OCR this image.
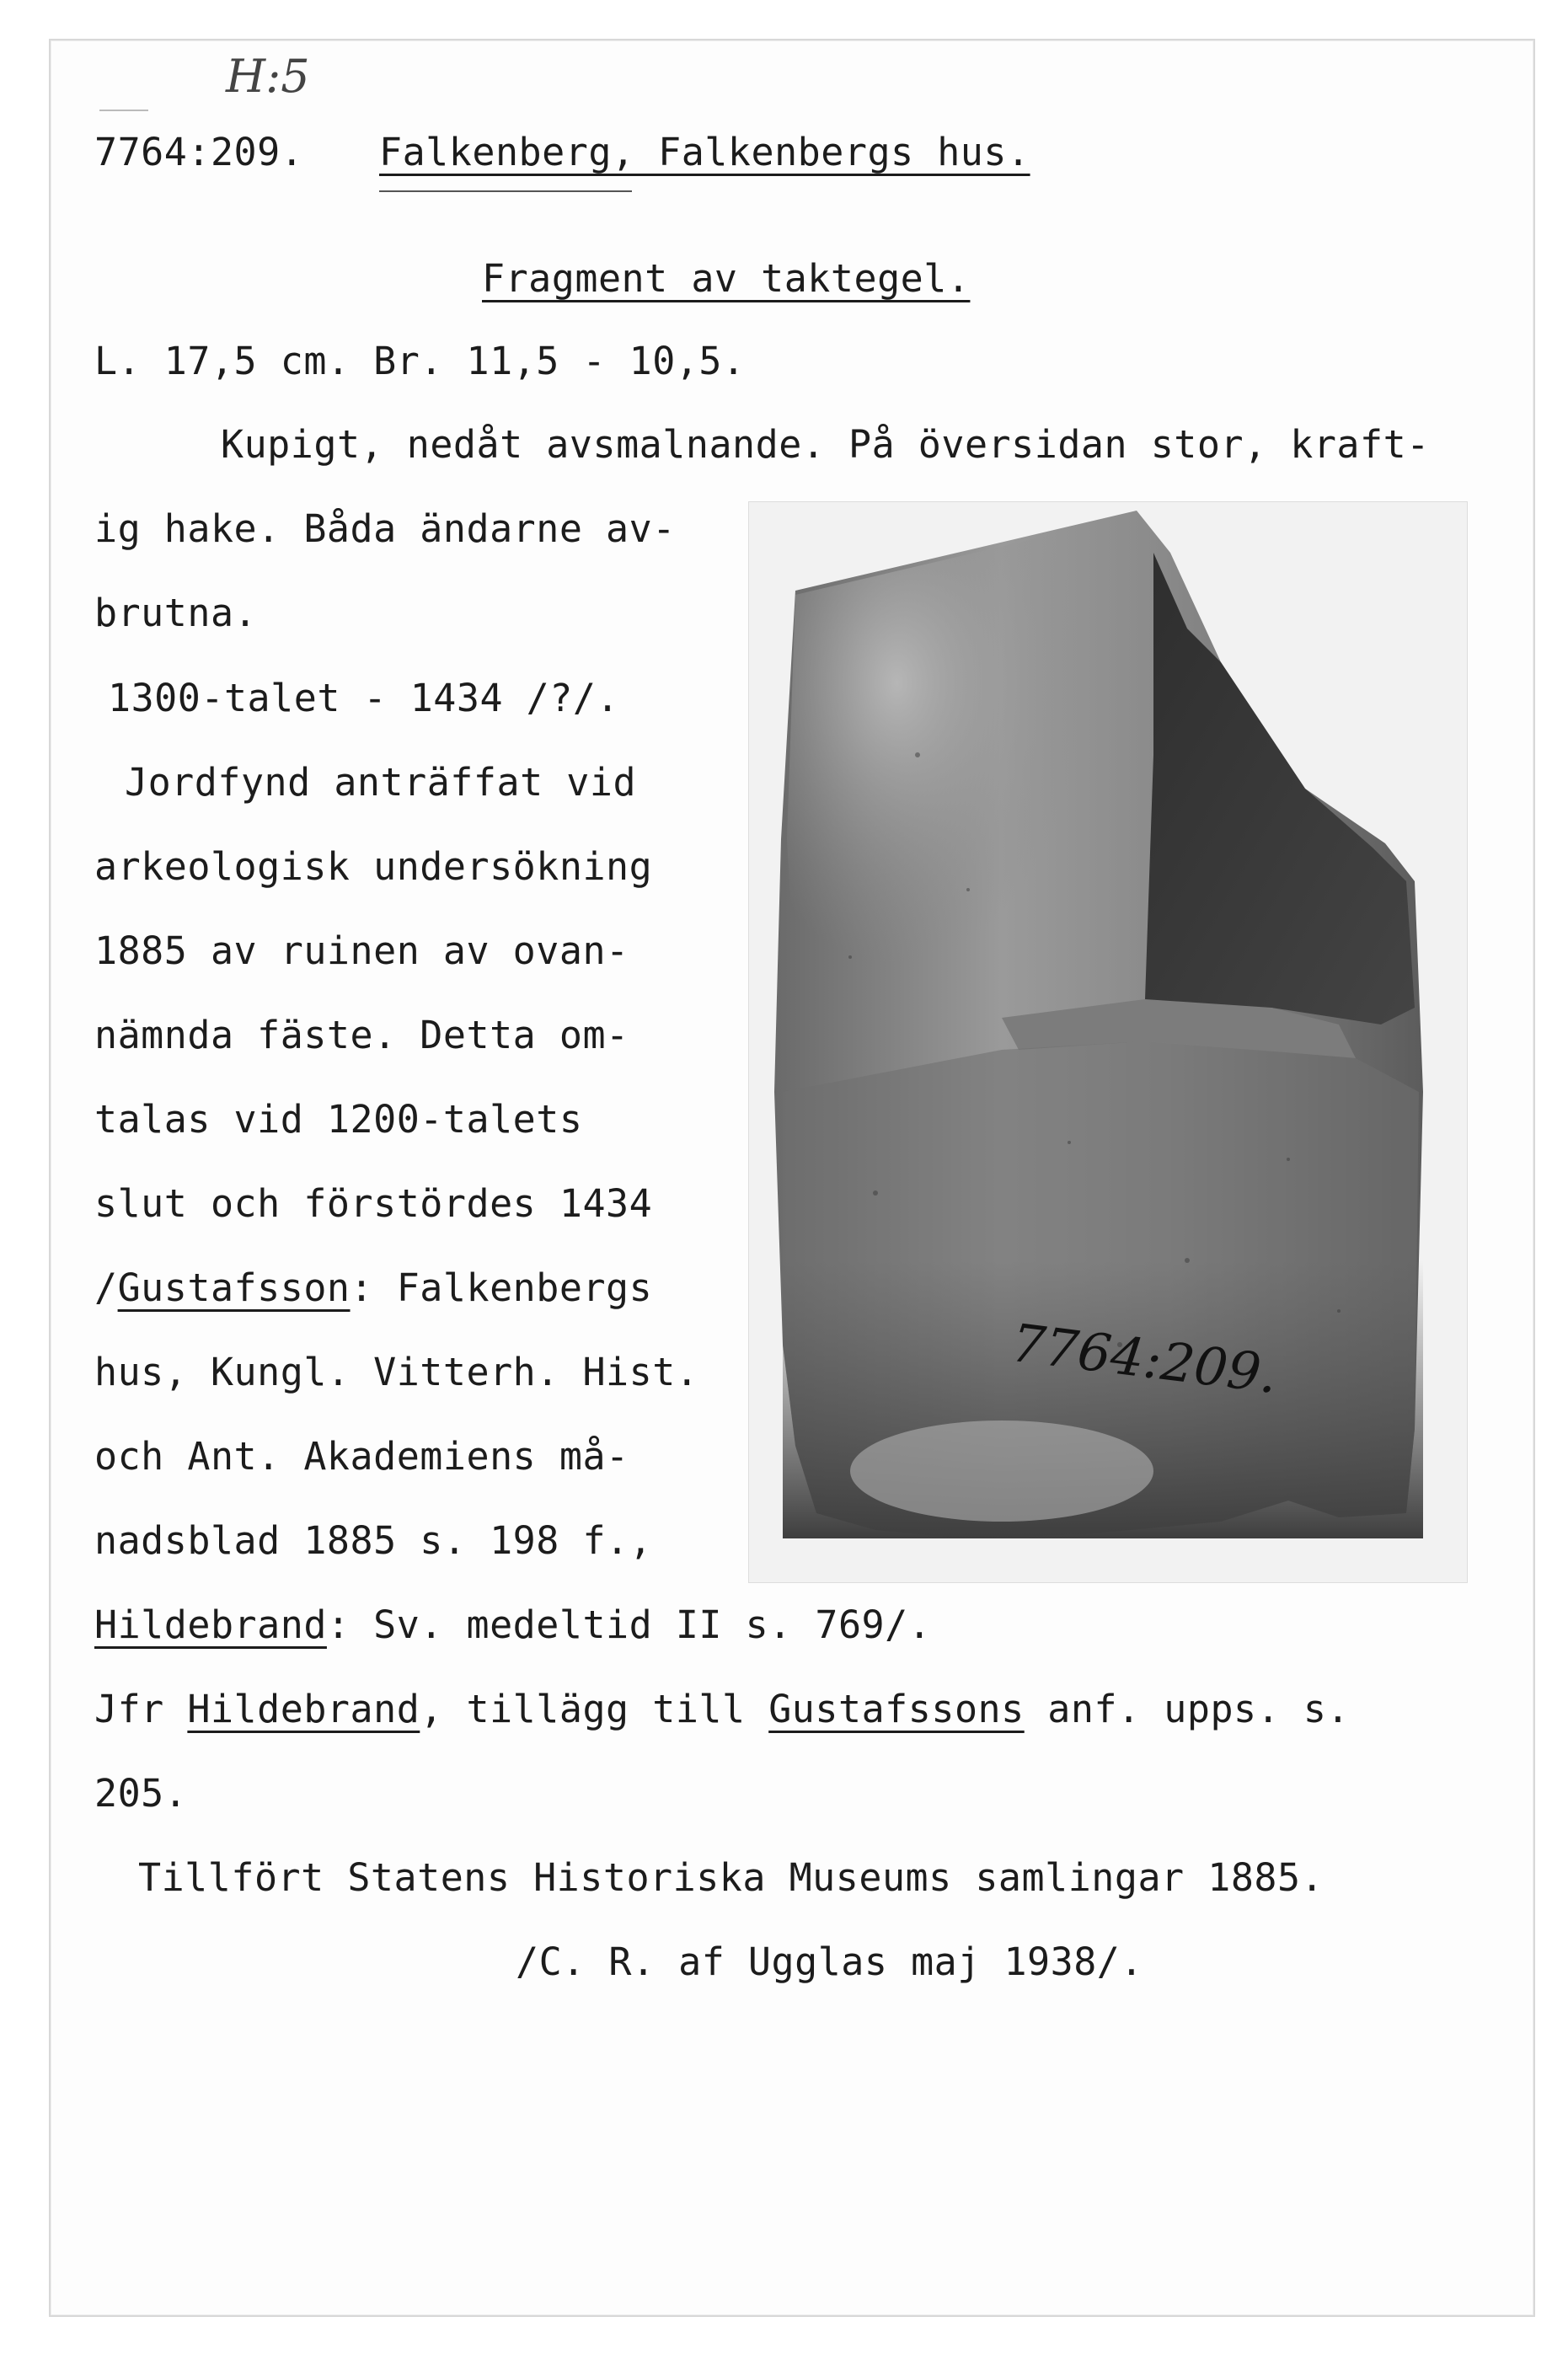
H:5

7764:209. Falkenberg, Falkenbergs hus.

Fragment av taktegel.

L. 17,5 cm. Br. 11,5 - 10,5.

Kupigt, nedåt avsmalnande. På översidan stor, kraft-

ig hake. Båda ändarne av-

brutna.

1300-talet - 1434 /?/.

Jordfynd anträffat vid

arkeologisk undersökning

1885 av ruinen av ovan-

nämnda fäste. Detta om-

talas vid 1200-talets

slut och förstördes 1434

/Gustafsson: Falkenbergs

hus, Kungl. Vitterh. Hist.

och Ant. Akademiens må-

nadsblad 1885 s. 198 f.,

Hildebrand: Sv. medeltid II s. 769/.

Jfr Hildebrand, tillägg till Gustafssons anf. upps. s.

205.

Tillfört Statens Historiska Museums samlingar 1885.

/C. R. af Ugglas maj 1938/.

7764:209.
